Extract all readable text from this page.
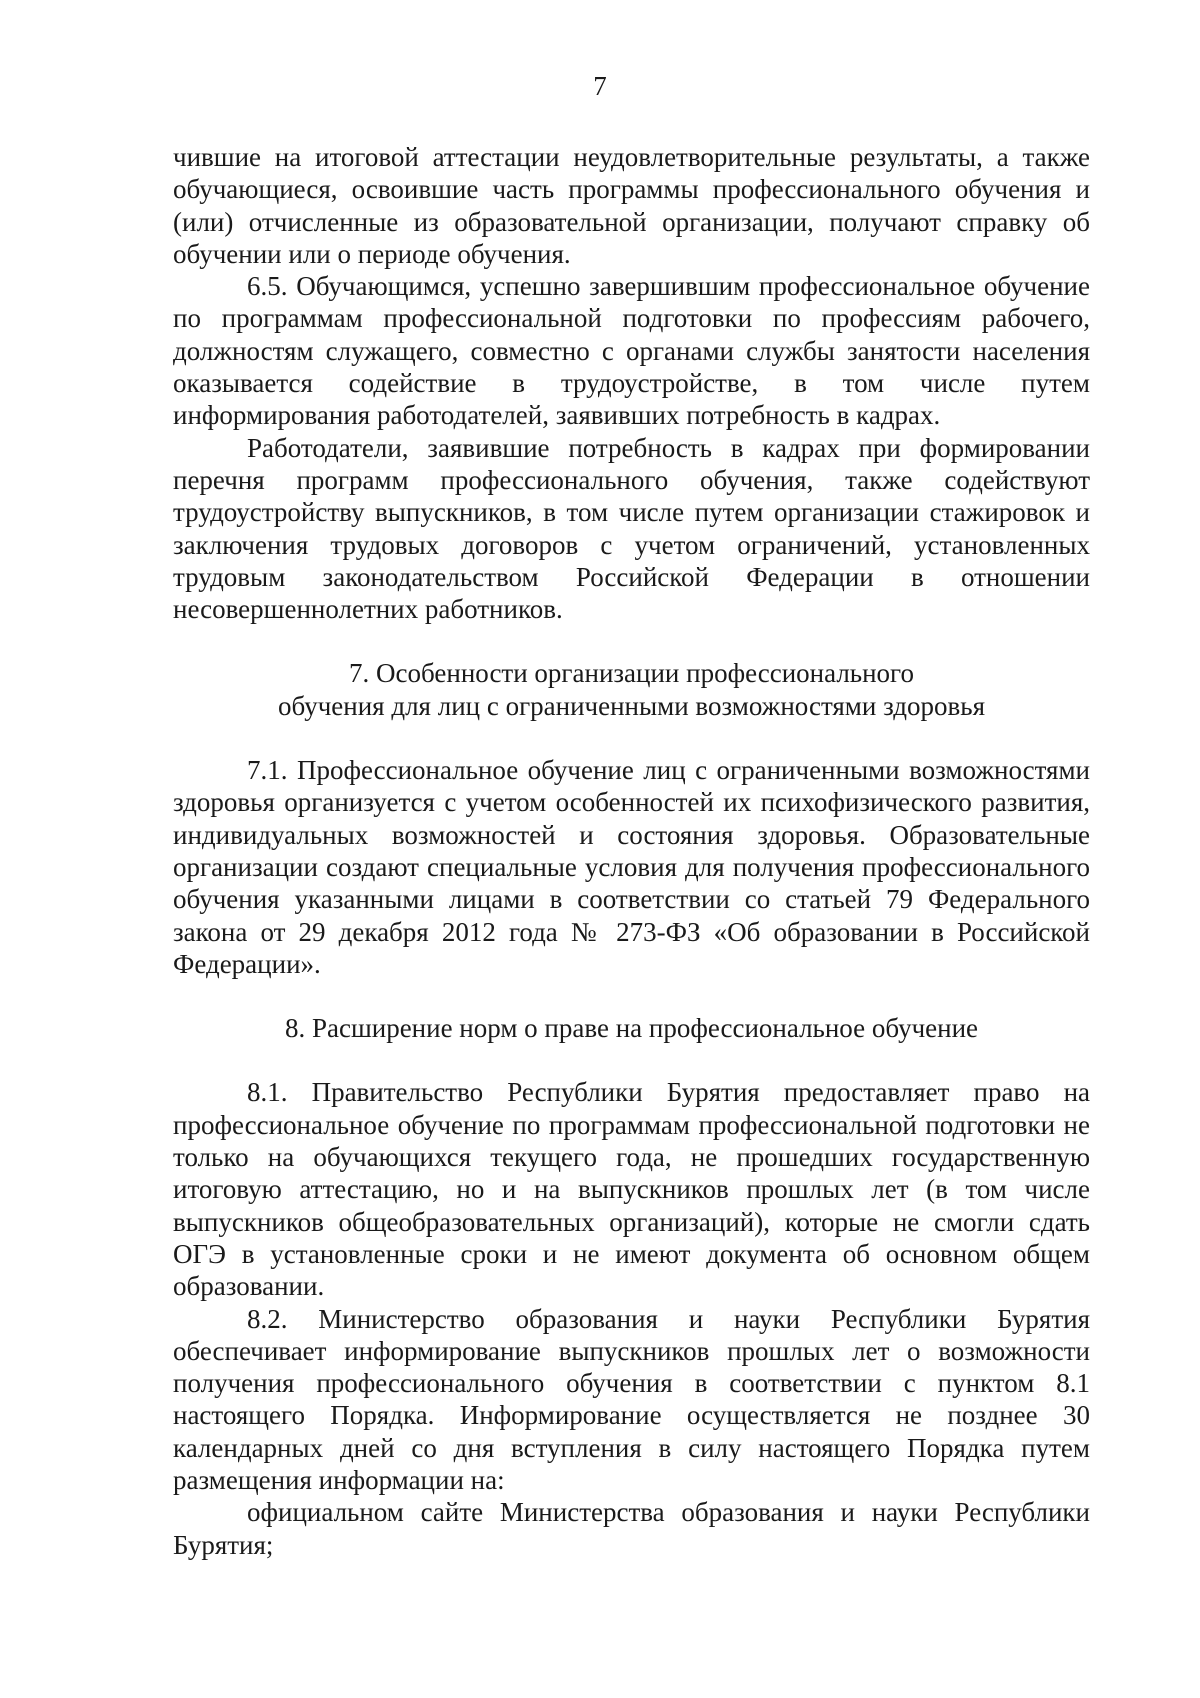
7

чившие на итоговой аттестации неудовлетворительные результаты, а также обучающиеся, освоившие часть программы профессионального обучения и (или) отчисленные из образовательной организации, получают справку об обучении или о периоде обучения.

6.5. Обучающимся, успешно завершившим профессиональное обучение по программам профессиональной подготовки по профессиям рабочего, должностям служащего, совместно с органами службы занятости населения оказывается содействие в трудоустройстве, в том числе путем информирования работодателей, заявивших потребность в кадрах.

Работодатели, заявившие потребность в кадрах при формировании перечня программ профессионального обучения, также содействуют трудоустройству выпускников, в том числе путем организации стажировок и заключения трудовых договоров с учетом ограничений, установленных трудовым законодательством Российской Федерации в отношении несовершеннолетних работников.

7. Особенности организации профессионального

обучения для лиц с ограниченными возможностями здоровья

7.1. Профессиональное обучение лиц с ограниченными возможностями здоровья организуется с учетом особенностей их психофизического развития, индивидуальных возможностей и состояния здоровья. Образовательные организации создают специальные условия для получения профессионального обучения указанными лицами в соответствии со статьей 79 Федерального закона от 29 декабря 2012 года № 273-ФЗ «Об образовании в Российской Федерации».

8. Расширение норм о праве на профессиональное обучение

8.1. Правительство Республики Бурятия предоставляет право на профессиональное обучение по программам профессиональной подготовки не только на обучающихся текущего года, не прошедших государственную итоговую аттестацию, но и на выпускников прошлых лет (в том числе выпускников общеобразовательных организаций), которые не смогли сдать ОГЭ в установленные сроки и не имеют документа об основном общем образовании.

8.2. Министерство образования и науки Республики Бурятия обеспечивает информирование выпускников прошлых лет о возможности получения профессионального обучения в соответствии с пунктом 8.1 настоящего Порядка. Информирование осуществляется не позднее 30 календарных дней со дня вступления в силу настоящего Порядка путем размещения информации на:

официальном сайте Министерства образования и науки Республики Бурятия;
